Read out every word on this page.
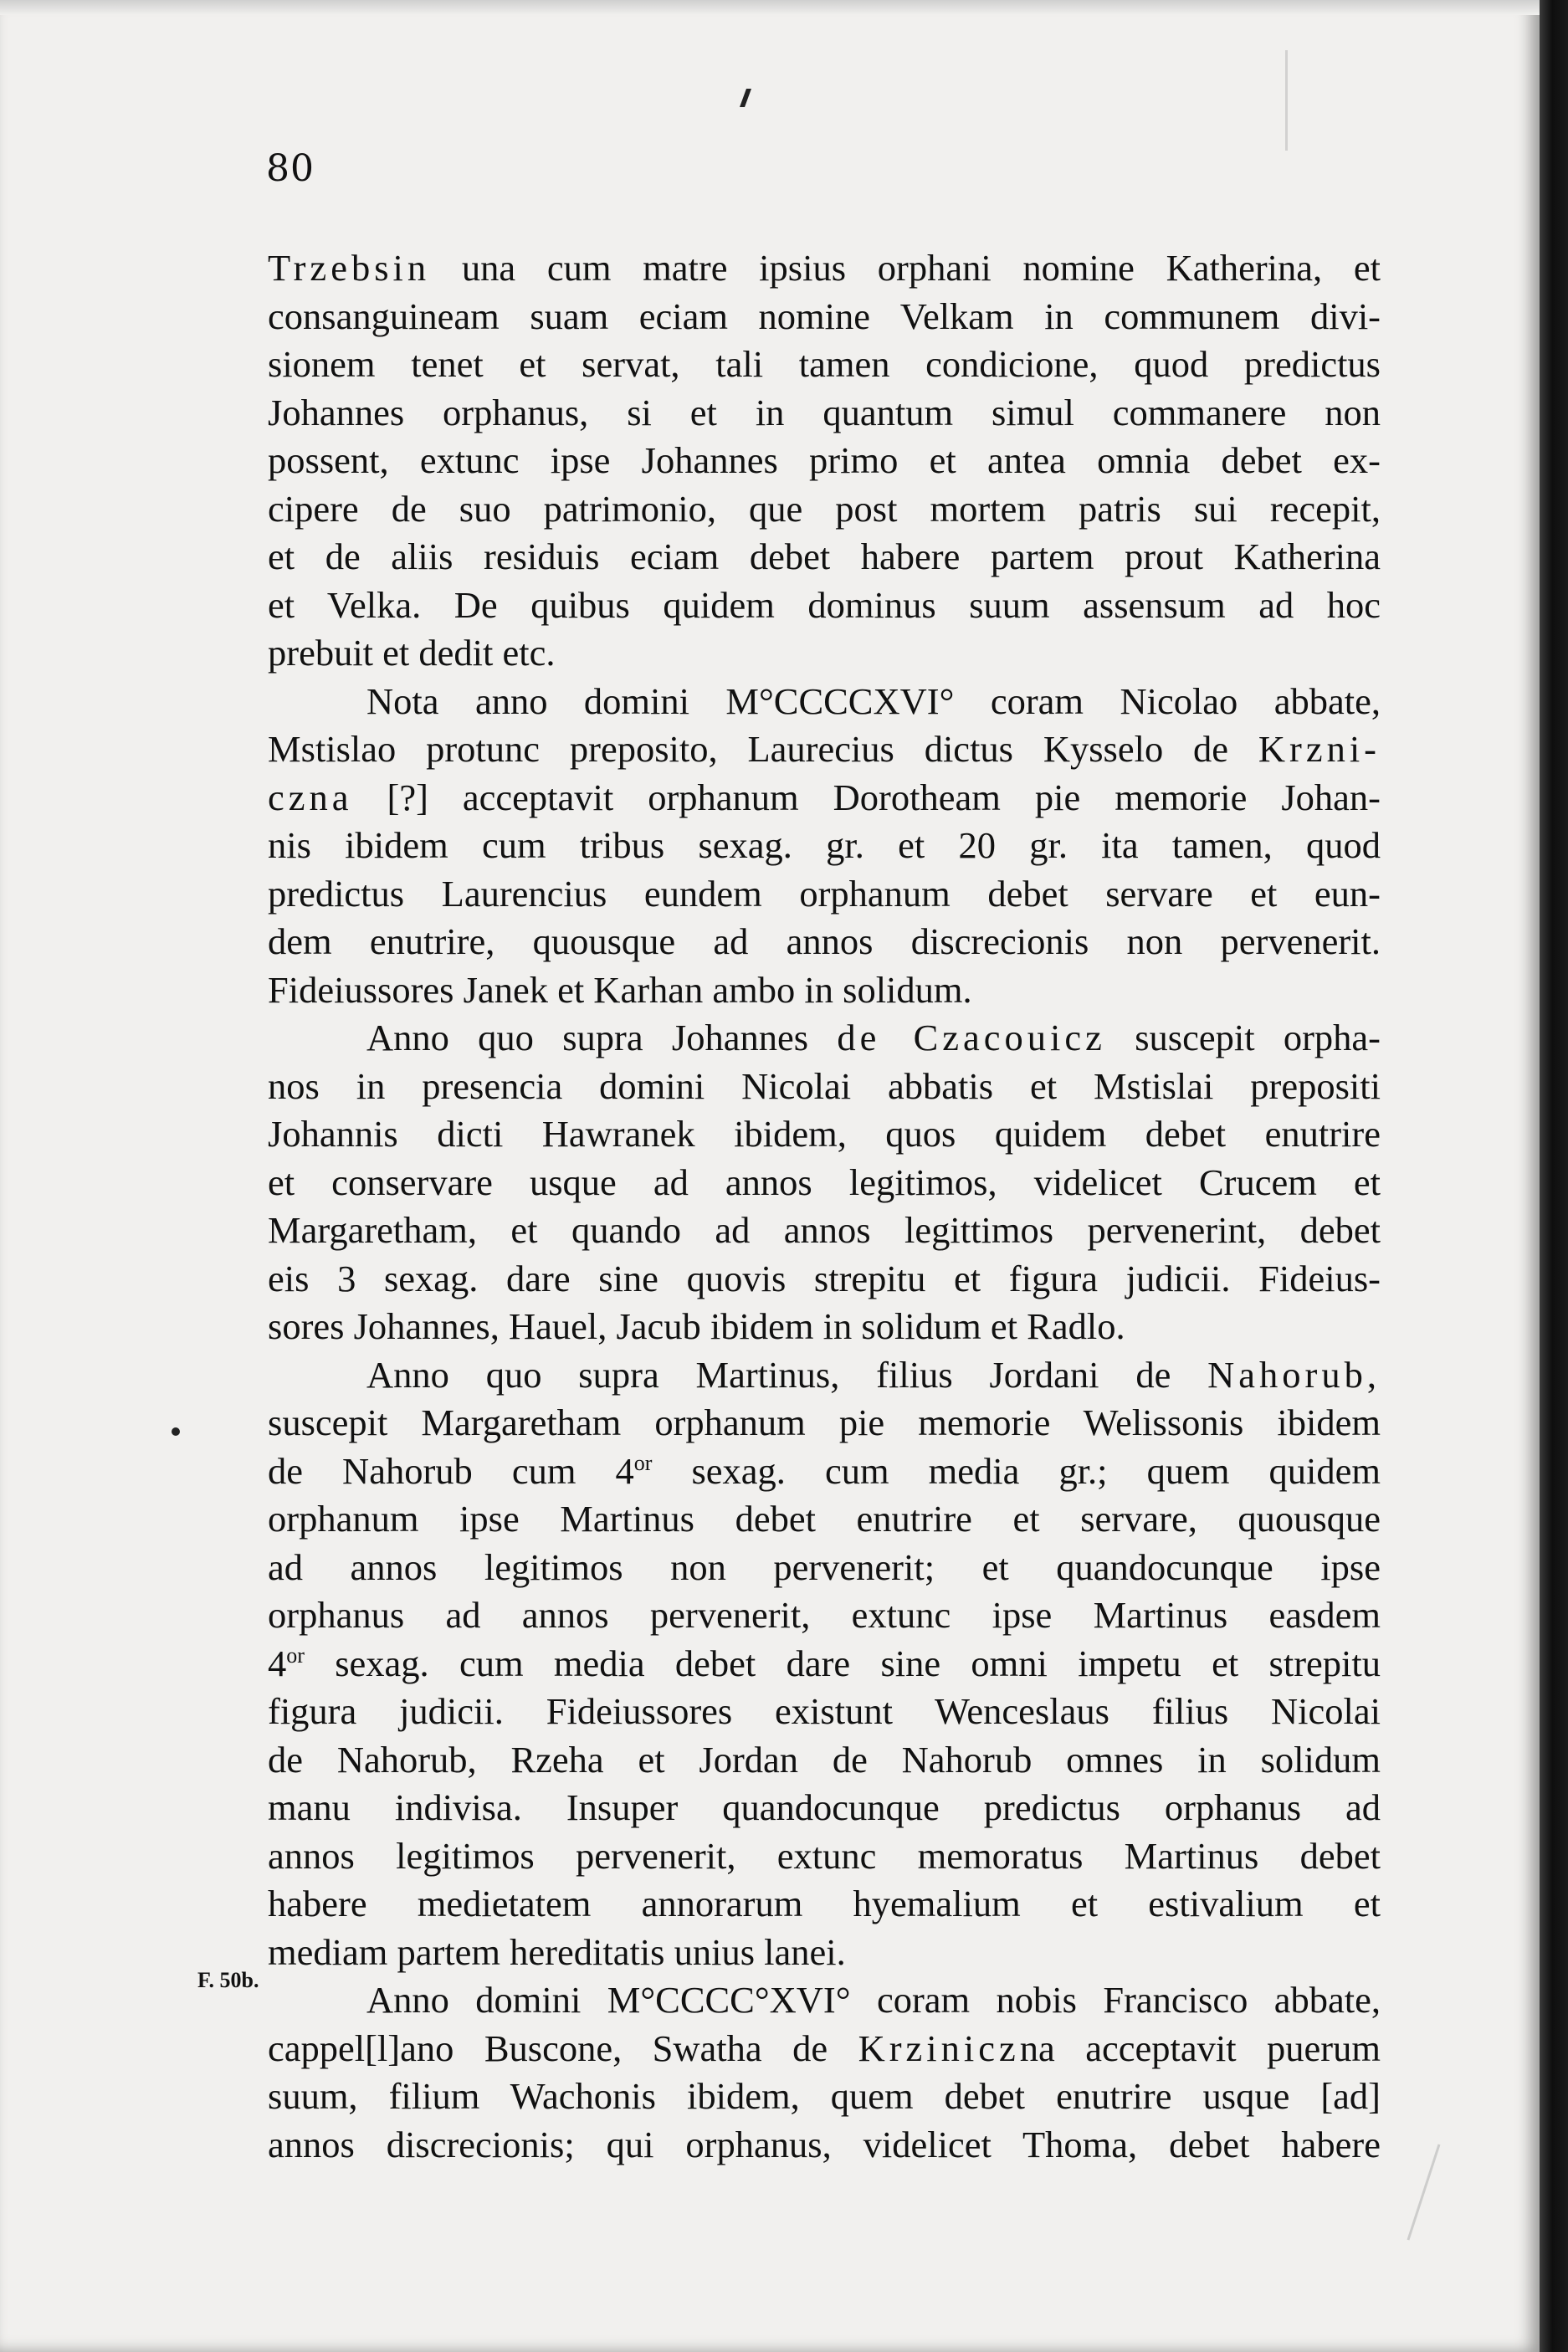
80
F. 50b.
Trzebsin una cum matre ipsius orphani nomine Katherina, et
consanguineam suam eciam nomine Velkam in communem divi-
sionem tenet et servat, tali tamen condicione, quod predictus
Johannes orphanus, si et in quantum simul commanere non
possent, extunc ipse Johannes primo et antea omnia debet ex-
cipere de suo patrimonio, que post mortem patris sui recepit,
et de aliis residuis eciam debet habere partem prout Katherina
et Velka. De quibus quidem dominus suum assensum ad hoc
prebuit et dedit etc.
Nota anno domini M°CCCCXVI° coram Nicolao abbate,
Mstislao protunc preposito, Laurecius dictus Kysselo de Krzni-
czna [?] acceptavit orphanum Dorotheam pie memorie Johan-
nis ibidem cum tribus sexag. gr. et 20 gr. ita tamen, quod
predictus Laurencius eundem orphanum debet servare et eun-
dem enutrire, quousque ad annos discrecionis non pervenerit.
Fideiussores Janek et Karhan ambo in solidum.
Anno quo supra Johannes de Czacouicz suscepit orpha-
nos in presencia domini Nicolai abbatis et Mstislai prepositi
Johannis dicti Hawranek ibidem, quos quidem debet enutrire
et conservare usque ad annos legitimos, videlicet Crucem et
Margaretham, et quando ad annos legittimos pervenerint, debet
eis 3 sexag. dare sine quovis strepitu et figura judicii. Fideius-
sores Johannes, Hauel, Jacub ibidem in solidum et Radlo.
Anno quo supra Martinus, filius Jordani de Nahorub,
suscepit Margaretham orphanum pie memorie Welissonis ibidem
de Nahorub cum $4^{or}$ sexag. cum media gr.; quem quidem
orphanum ipse Martinus debet enutrire et servare, quousque
ad annos legitimos non pervenerit; et quandocunque ipse
orphanus ad annos pervenerit, extunc ipse Martinus easdem
$4^{or}$ sexag. cum media debet dare sine omni impetu et strepitu
figura judicii. Fideiussores existunt Wenceslaus filius Nicolai
de Nahorub, Rzeha et Jordan de Nahorub omnes in solidum
manu indivisa. Insuper quandocunque predictus orphanus ad
annos legitimos pervenerit, extunc memoratus Martinus debet
habere medietatem annorarum hyemalium et estivalium et
mediam partem hereditatis unius lanei.
Anno domini M°CCCC°XVI° coram nobis Francisco abbate,
cappel[l]ano Buscone, Swatha de Krziniczna acceptavit puerum
suum, filium Wachonis ibidem, quem debet enutrire usque [ad]
annos discrecionis; qui orphanus, videlicet Thoma, debet habere
